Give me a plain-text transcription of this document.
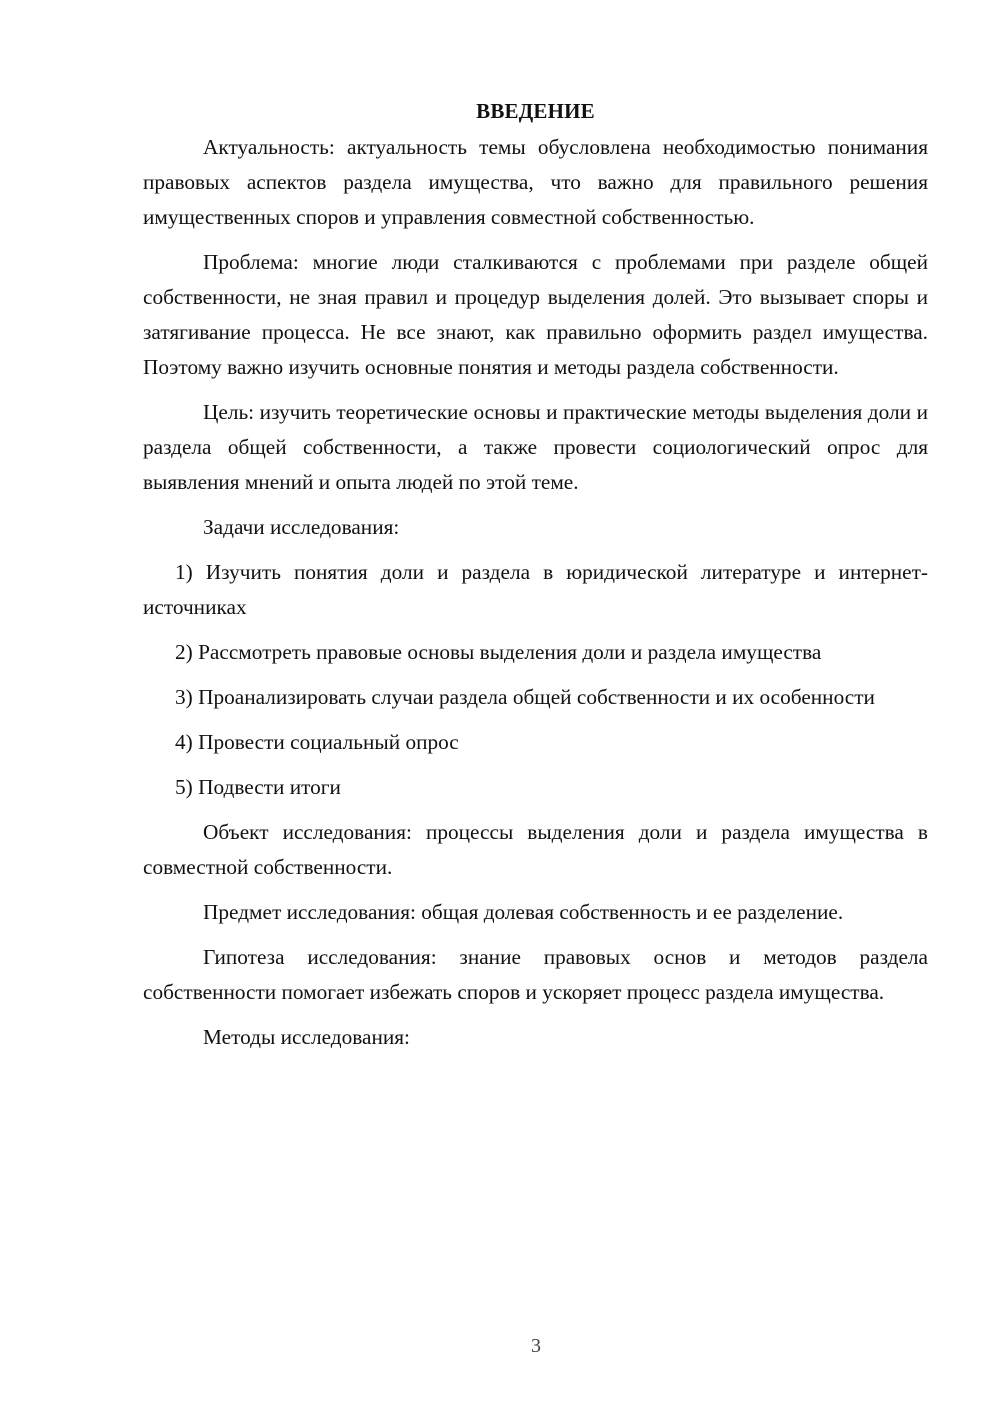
ВВЕДЕНИЕ

Актуальность: актуальность темы обусловлена необходимостью понимания правовых аспектов раздела имущества, что важно для правильного решения имущественных споров и управления совместной собственностью.

Проблема: многие люди сталкиваются с проблемами при разделе общей собственности, не зная правил и процедур выделения долей. Это вызывает споры и затягивание процесса. Не все знают, как правильно оформить раздел имущества. Поэтому важно изучить основные понятия и методы раздела собственности.

Цель: изучить теоретические основы и практические методы выделения доли и раздела общей собственности, а также провести социологический опрос для выявления мнений и опыта людей по этой теме.

Задачи исследования:

1) Изучить понятия доли и раздела в юридической литературе и интернет-источниках

2) Рассмотреть правовые основы выделения доли и раздела имущества

3) Проанализировать случаи раздела общей собственности и их особенности

4) Провести социальный опрос

5) Подвести итоги

Объект исследования: процессы выделения доли и раздела имущества в совместной собственности.

Предмет исследования: общая долевая собственность и ее разделение.

Гипотеза исследования: знание правовых основ и методов раздела собственности помогает избежать споров и ускоряет процесс раздела имущества.

Методы исследования:

3
